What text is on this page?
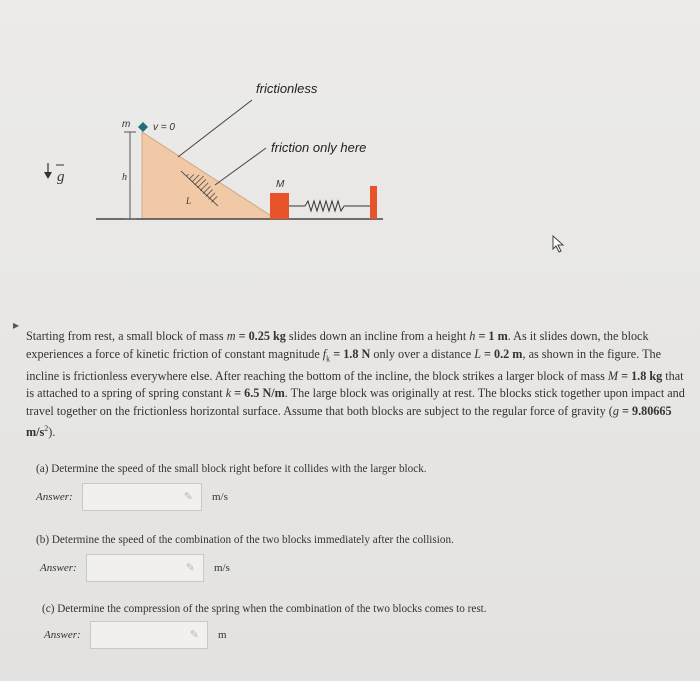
g	h
L
m v = 0
frictionless
friction only here
M
wwwwr
▸
Starting from rest, a small block of mass m = 0.25 kg slides down an incline from a height h = 1 m. As it slides down, the block experiences a force of kinetic friction of constant magnitude $f_k = 1.8$ N only over a distance L = 0.2 m, as shown in the figure. The incline is frictionless everywhere else. After reaching the bottom of the incline, the block strikes a larger block of mass M = 1.8 kg that is attached to a spring of spring constant k = 6.5 N/m. The large block was originally at rest. The blocks stick together upon impact and travel together on the frictionless horizontal surface. Assume that both blocks are subject to the regular force of gravity (g = 9.80665 $m/s^2$).
(a) Determine the speed of the small block right before it collides with the larger block.
Answer:	✎ m/s
(b) Determine the speed of the combination of the two blocks immediately after the collision.
Answer:	✎ m/s
(c) Determine the compression of the spring when the combination of the two blocks comes to rest.
Answer:	✎ m
